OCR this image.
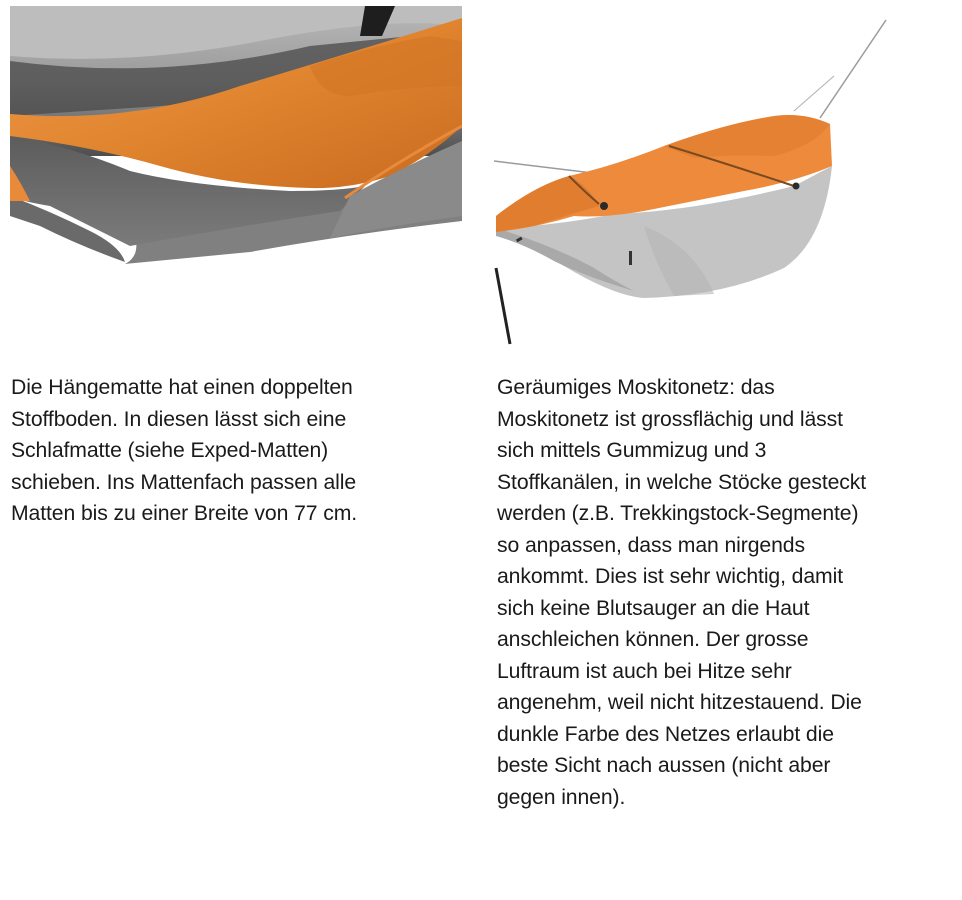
Die Hängematte hat einen doppelten
Stoffboden. In diesen lässt sich eine
Schlafmatte (siehe Exped-Matten)
schieben. Ins Mattenfach passen alle
Matten bis zu einer Breite von 77 cm.

Geräumiges Moskitonetz: das
Moskitonetz ist grossflächig und lässt
sich mittels Gummizug und 3
Stoffkanälen, in welche Stöcke gesteckt
werden (z.B. Trekkingstock-Segmente)
so anpassen, dass man nirgends
ankommt. Dies ist sehr wichtig, damit
sich keine Blutsauger an die Haut
anschleichen können. Der grosse
Luftraum ist auch bei Hitze sehr
angenehm, weil nicht hitzestauend. Die
dunkle Farbe des Netzes erlaubt die
beste Sicht nach aussen (nicht aber
gegen innen).
